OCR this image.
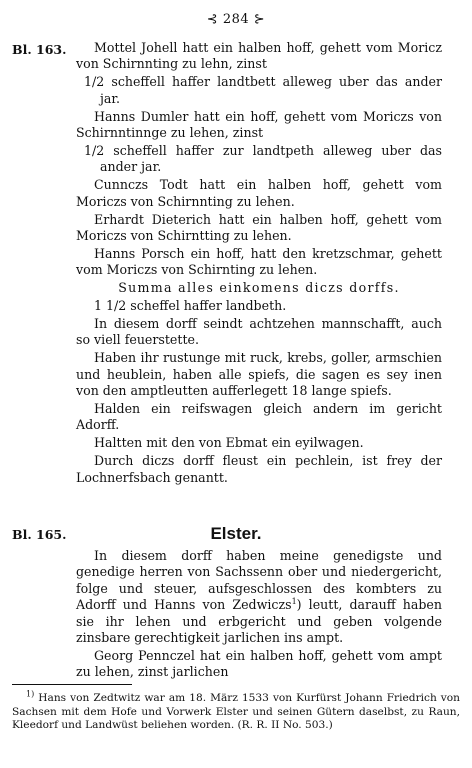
⊰ 284 ⊱
Bl. 163.	Mottel Johell hatt ein halben hoff, gehett vom Moricz von Schirnnting zu lehn, zinst

1/2 scheffell haffer landtbett alleweg uber das ander jar.

Hanns Dumler hatt ein hoff, gehett vom Moriczs von Schirnntinnge zu lehen, zinst

1/2 scheffell haffer zur landtpeth alleweg uber das ander jar.

Cunnczs Todt hatt ein halben hoff, gehett vom Moriczs von Schirnnting zu lehen.

Erhardt Dieterich hatt ein halben hoff, gehett vom Moriczs von Schirntting zu lehen.

Hanns Porsch ein hoff, hatt den kretzschmar, gehett vom Moriczs von Schirnting zu lehen.

Summa alles einkomens diczs dorffs.

1 1/2 scheffel haffer landbeth.

In diesem dorff seindt achtzehen mannschafft, auch so viell feuerstette.

Haben ihr rustunge mit ruck, krebs, goller, armschien und heublein, haben alle spiefs, die sagen es sey inen von den amptleutten aufferlegett 18 lange spiefs.

Halden ein reifswagen gleich andern im gericht Adorff.

Haltten mit den von Ebmat ein eyilwagen.

Durch diczs dorff fleust ein pechlein, ist frey der Lochnerfsbach genantt.

Bl. 165.	Elster.

In diesem dorff haben meine genedigste und genedige herren von Sachssenn ober und niedergericht, folge und steuer, aufsgeschlossen des kombters zu Adorff und Hanns von Zedwiczs$^1$) leutt, darauff haben sie ihr lehen und erbgericht und geben volgende zinsbare gerechtigkeit jarlichen ins ampt.

Georg Pennczel hat ein halben hoff, gehett vom ampt zu lehen, zinst jarlichen

$^{1)}$ Hans von Zedtwitz war am 18. März 1533 von Kurfürst Johann Friedrich von Sachsen mit dem Hofe und Vorwerk Elster und seinen Gütern daselbst, zu Raun, Kleedorf und Landwüst beliehen worden. (R. R. II No. 503.)
